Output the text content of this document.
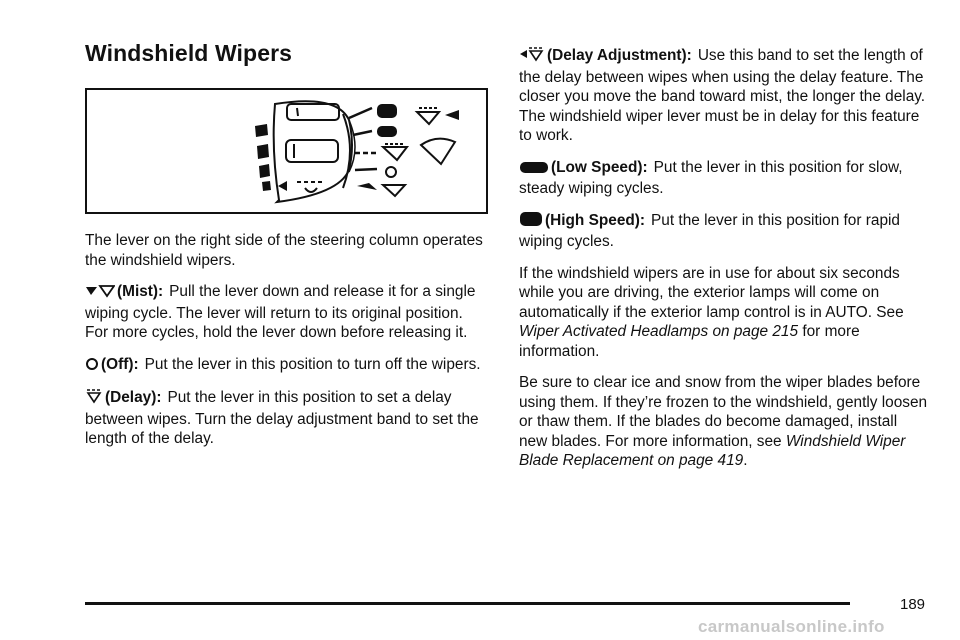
Windshield Wipers

The lever on the right side of the steering column operates the windshield wipers.

(Mist): Pull the lever down and release it for a single wiping cycle. The lever will return to its original position. For more cycles, hold the lever down before releasing it.

(Off): Put the lever in this position to turn off the wipers.

(Delay): Put the lever in this position to set a delay between wipes. Turn the delay adjustment band to set the length of the delay.

(Delay Adjustment): Use this band to set the length of the delay between wipes when using the delay feature. The closer you move the band toward mist, the longer the delay. The windshield wiper lever must be in delay for this feature to work.

(Low Speed): Put the lever in this position for slow, steady wiping cycles.

(High Speed): Put the lever in this position for rapid wiping cycles.

If the windshield wipers are in use for about six seconds while you are driving, the exterior lamps will come on automatically if the exterior lamp control is in AUTO. See Wiper Activated Headlamps on page 215 for more information.

Be sure to clear ice and snow from the wiper blades before using them. If they’re frozen to the windshield, gently loosen or thaw them. If the blades do become damaged, install new blades. For more information, see Windshield Wiper Blade Replacement on page 419.

189
carmanualsonline.info
